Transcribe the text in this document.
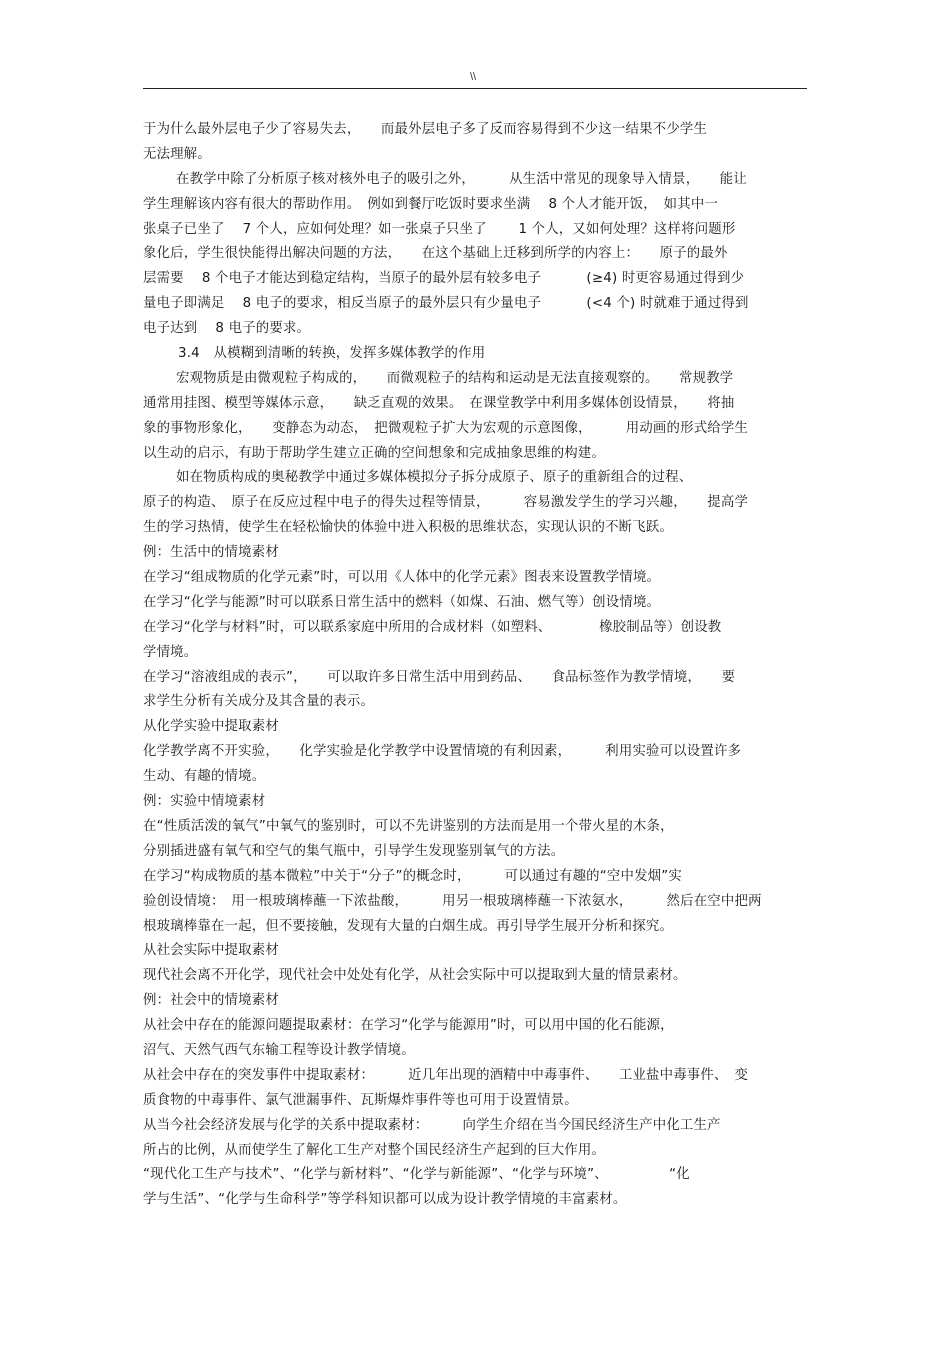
\\
于为什么最外层电子少了容易失去，　　而最外层电子多了反而容易得到不少这一结果不少学生
无法理解。
在教学中除了分析原子核对核外电子的吸引之外，　　　从生活中常见的现象导入情景，　　能让
学生理解该内容有很大的帮助作用。　例如到餐厅吃饭时要求坐满　 8 个人才能开饭，　如其中一
张桌子已坐了　 7 个人，应如何处理？如一张桌子只坐了　　 1 个人，又如何处理？这样将问题形
象化后，学生很快能得出解决问题的方法，　　在这个基础上迁移到所学的内容上：　　原子的最外
层需要　 8 个电子才能达到稳定结构，当原子的最外层有较多电子　　　 (≥4) 时更容易通过得到少
量电子即满足　 8 电子的要求，相反当原子的最外层只有少量电子　　　 (<4 个) 时就难于通过得到
电子达到　 8 电子的要求。
3.4　从模糊到清晰的转换，发挥多媒体教学的作用
宏观物质是由微观粒子构成的，　　而微观粒子的结构和运动是无法直接观察的。　　常规教学
通常用挂图、模型等媒体示意，　　缺乏直观的效果。　在课堂教学中利用多媒体创设情景，　　将抽
象的事物形象化，　　变静态为动态，　把微观粒子扩大为宏观的示意图像，　　　用动画的形式给学生
以生动的启示，有助于帮助学生建立正确的空间想象和完成抽象思维的构建。
如在物质构成的奥秘教学中通过多媒体模拟分子拆分成原子、原子的重新组合的过程、
原子的构造、　原子在反应过程中电子的得失过程等情景，　　　容易激发学生的学习兴趣，　　提高学
生的学习热情，使学生在轻松愉快的体验中进入积极的思维状态，实现认识的不断飞跃。
例：生活中的情境素材
在学习“组成物质的化学元素”时，可以用《人体中的化学元素》图表来设置教学情境。
在学习“化学与能源”时可以联系日常生活中的燃料（如煤、石油、燃气等）创设情境。
在学习“化学与材料”时，可以联系家庭中所用的合成材料（如塑料、　　　　橡胶制品等）创设教
学情境。
在学习“溶液组成的表示”，　　可以取许多日常生活中用到药品、　　食品标签作为教学情境，　　要
求学生分析有关成分及其含量的表示。
从化学实验中提取素材
化学教学离不开实验，　　化学实验是化学教学中设置情境的有利因素，　　　利用实验可以设置许多
生动、有趣的情境。
例：实验中情境素材
在“性质活泼的氧气”中氧气的鉴别时，可以不先讲鉴别的方法而是用一个带火星的木条，
分别插进盛有氧气和空气的集气瓶中，引导学生发现鉴别氧气的方法。
在学习“构成物质的基本微粒”中关于“分子”的概念时，　　　可以通过有趣的“空中发烟”实
验创设情境：　用一根玻璃棒蘸一下浓盐酸，　　　用另一根玻璃棒蘸一下浓氨水，　　　然后在空中把两
根玻璃棒靠在一起，但不要接触，发现有大量的白烟生成。再引导学生展开分析和探究。
从社会实际中提取素材
现代社会离不开化学，现代社会中处处有化学，从社会实际中可以提取到大量的情景素材。
例：社会中的情境素材
从社会中存在的能源问题提取素材：在学习“化学与能源用”时，可以用中国的化石能源，
沼气、天然气西气东输工程等设计教学情境。
从社会中存在的突发事件中提取素材：　　　近几年出现的酒精中中毒事件、　　工业盐中毒事件、　变
质食物的中毒事件、氯气泄漏事件、瓦斯爆炸事件等也可用于设置情景。
从当今社会经济发展与化学的关系中提取素材：　　　向学生介绍在当今国民经济生产中化工生产
所占的比例，从而使学生了解化工生产对整个国民经济生产起到的巨大作用。
“现代化工生产与技术”、“化学与新材料”、“化学与新能源”、“化学与环境”、　　　　　“化
学与生活”、“化学与生命科学”等学科知识都可以成为设计教学情境的丰富素材。
